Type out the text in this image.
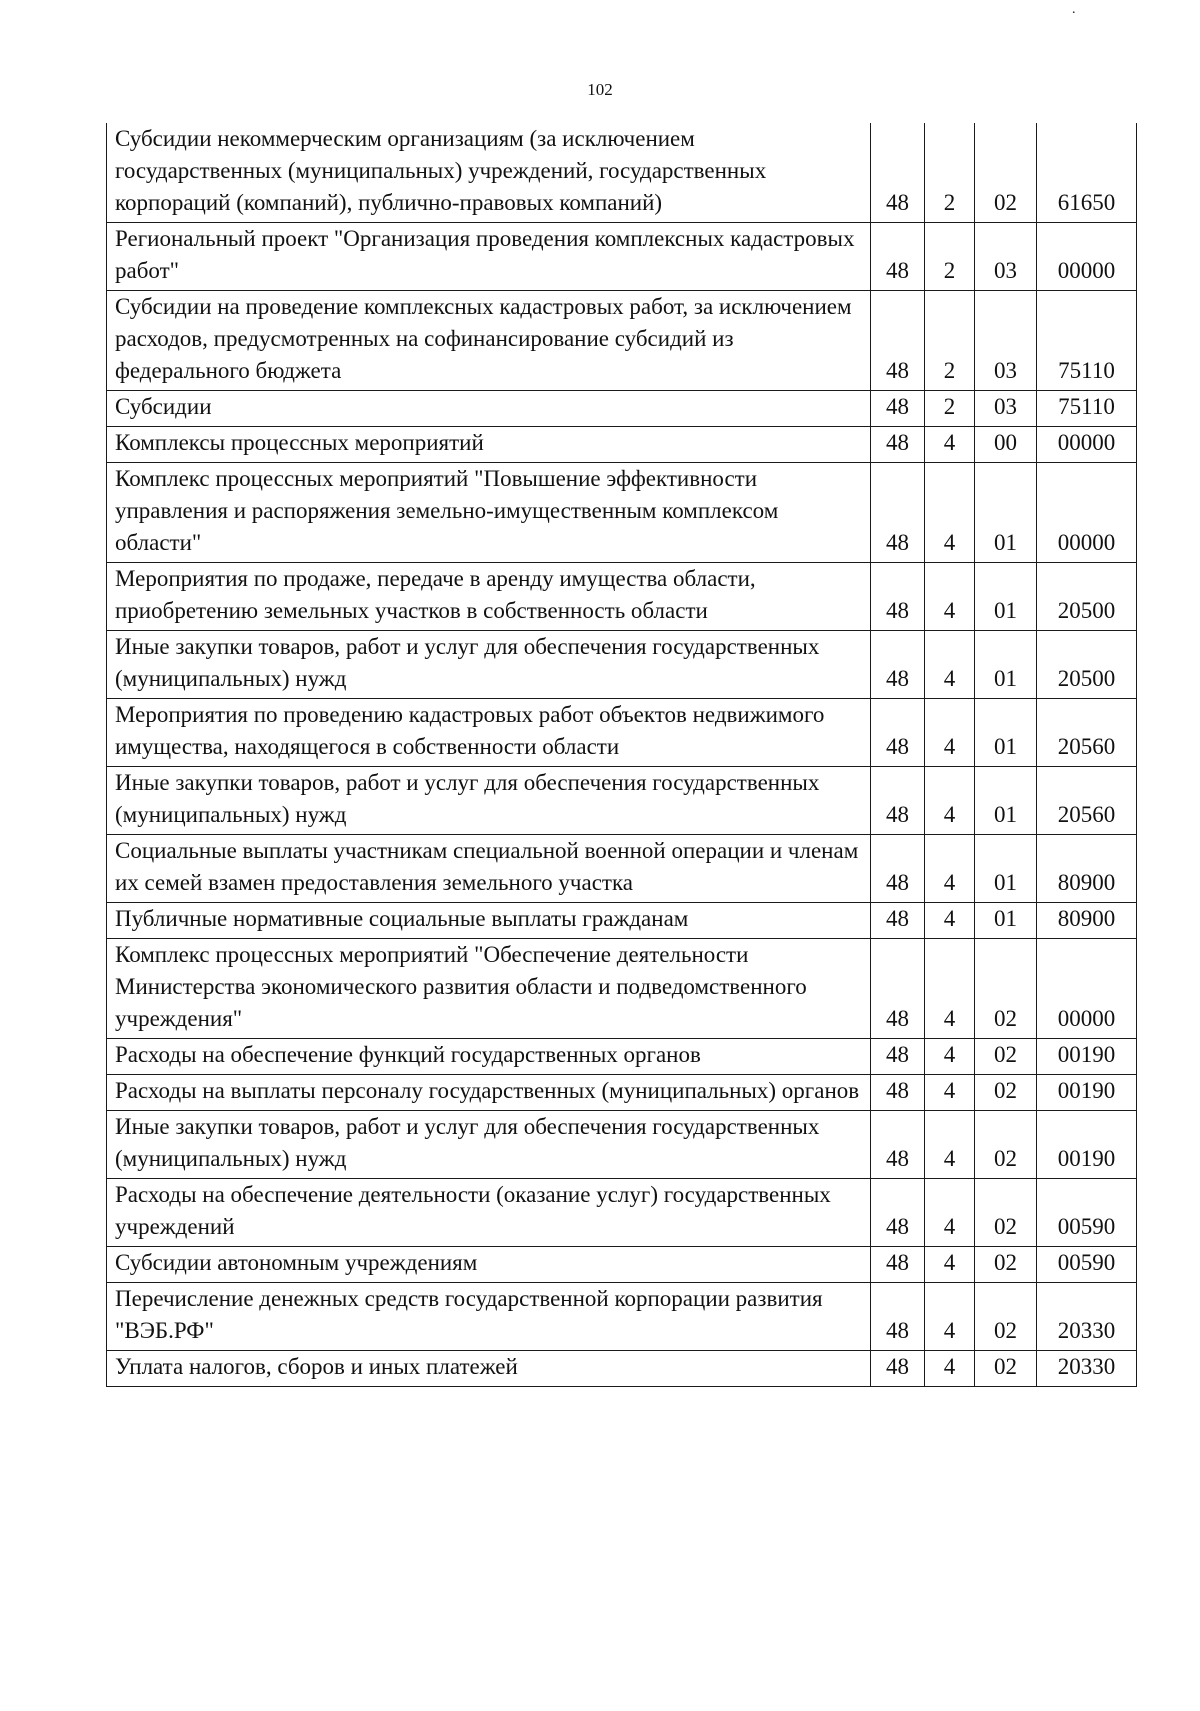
.
102
Субсидии некоммерческим организациям (за исключением государственных (муниципальных) учреждений, государственных корпораций (компаний), публично-правовых компаний)	48	2	02	61650
Региональный проект "Организация проведения комплексных кадастровых работ"	48	2	03	00000
Субсидии на проведение комплексных кадастровых работ, за исключением расходов, предусмотренных на софинансирование субсидий из федерального бюджета	48	2	03	75110
Субсидии	48	2	03	75110
Комплексы процессных мероприятий	48	4	00	00000
Комплекс процессных мероприятий "Повышение эффективности управления и распоряжения земельно-имущественным комплексом области"	48	4	01	00000
Мероприятия по продаже, передаче в аренду имущества области, приобретению земельных участков в собственность области	48	4	01	20500
Иные закупки товаров, работ и услуг для обеспечения государственных (муниципальных) нужд	48	4	01	20500
Мероприятия по проведению кадастровых работ объектов недвижимого имущества, находящегося в собственности области	48	4	01	20560
Иные закупки товаров, работ и услуг для обеспечения государственных (муниципальных) нужд	48	4	01	20560
Социальные выплаты участникам специальной военной операции и членам их семей взамен предоставления земельного участка	48	4	01	80900
Публичные нормативные социальные выплаты гражданам	48	4	01	80900
Комплекс процессных мероприятий "Обеспечение деятельности Министерства экономического развития области и подведомственного учреждения"	48	4	02	00000
Расходы на обеспечение функций государственных органов	48	4	02	00190
Расходы на выплаты персоналу государственных (муниципальных) органов	48	4	02	00190
Иные закупки товаров, работ и услуг для обеспечения государственных (муниципальных) нужд	48	4	02	00190
Расходы на обеспечение деятельности (оказание услуг) государственных учреждений	48	4	02	00590
Субсидии автономным учреждениям	48	4	02	00590
Перечисление денежных средств государственной корпорации развития "ВЭБ.РФ"	48	4	02	20330
Уплата налогов, сборов и иных платежей	48	4	02	20330
